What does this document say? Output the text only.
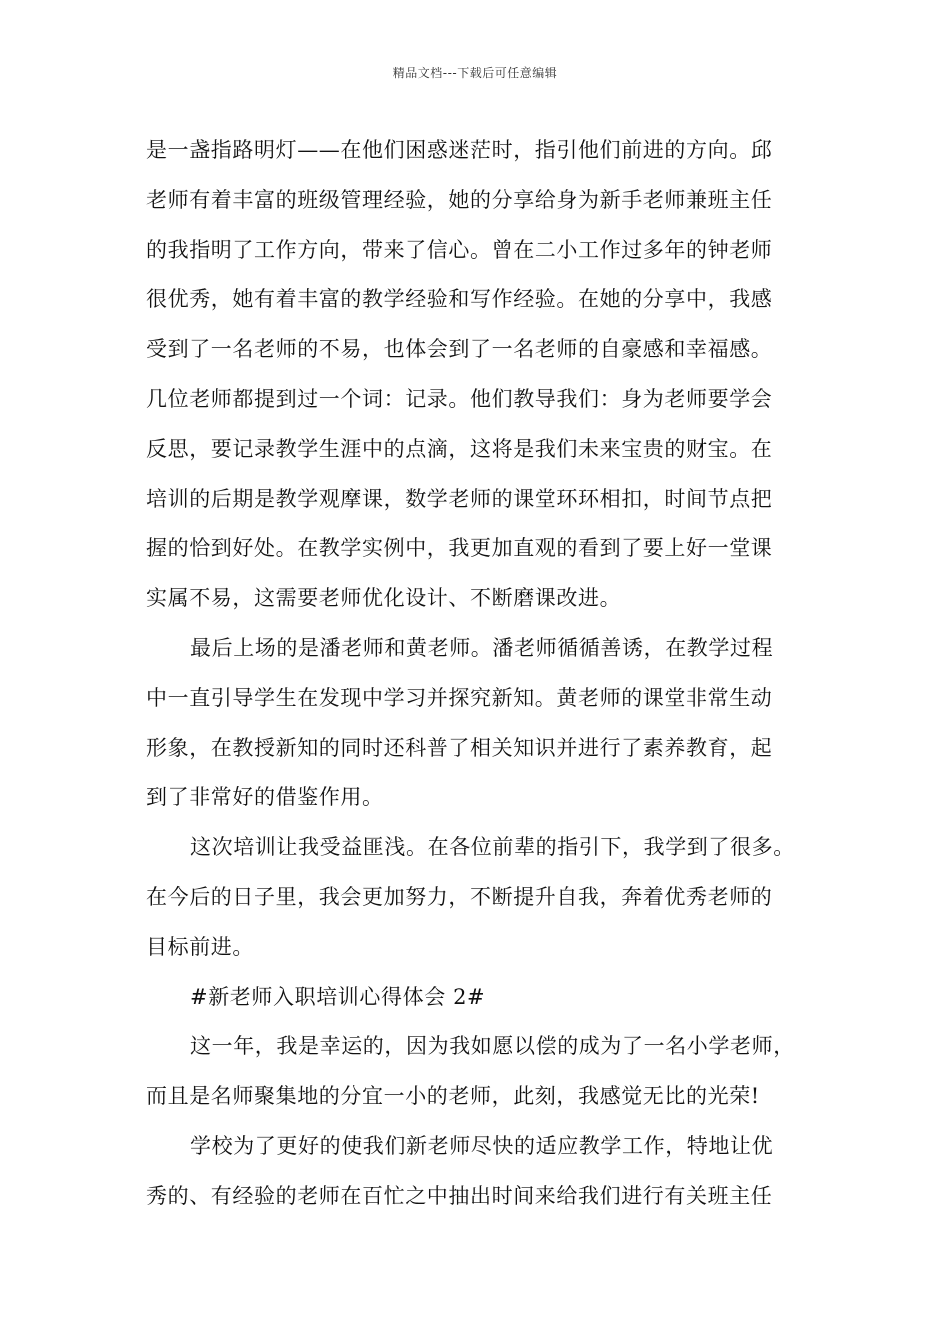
精品文档---下载后可任意编辑
是一盏指路明灯——在他们困惑迷茫时，指引他们前进的方向。邱
老师有着丰富的班级管理经验，她的分享给身为新手老师兼班主任
的我指明了工作方向，带来了信心。曾在二小工作过多年的钟老师
很优秀，她有着丰富的教学经验和写作经验。在她的分享中，我感
受到了一名老师的不易，也体会到了一名老师的自豪感和幸福感。
几位老师都提到过一个词：记录。他们教导我们：身为老师要学会
反思，要记录教学生涯中的点滴，这将是我们未来宝贵的财宝。在
培训的后期是教学观摩课，数学老师的课堂环环相扣，时间节点把
握的恰到好处。在教学实例中，我更加直观的看到了要上好一堂课
实属不易，这需要老师优化设计、不断磨课改进。
最后上场的是潘老师和黄老师。潘老师循循善诱，在教学过程
中一直引导学生在发现中学习并探究新知。黄老师的课堂非常生动
形象，在教授新知的同时还科普了相关知识并进行了素养教育，起
到了非常好的借鉴作用。
这次培训让我受益匪浅。在各位前辈的指引下，我学到了很多。
在今后的日子里，我会更加努力，不断提升自我，奔着优秀老师的
目标前进。
#新老师入职培训心得体会 2#
这一年，我是幸运的，因为我如愿以偿的成为了一名小学老师，
而且是名师聚集地的分宜一小的老师，此刻，我感觉无比的光荣!
学校为了更好的使我们新老师尽快的适应教学工作，特地让优
秀的、有经验的老师在百忙之中抽出时间来给我们进行有关班主任
